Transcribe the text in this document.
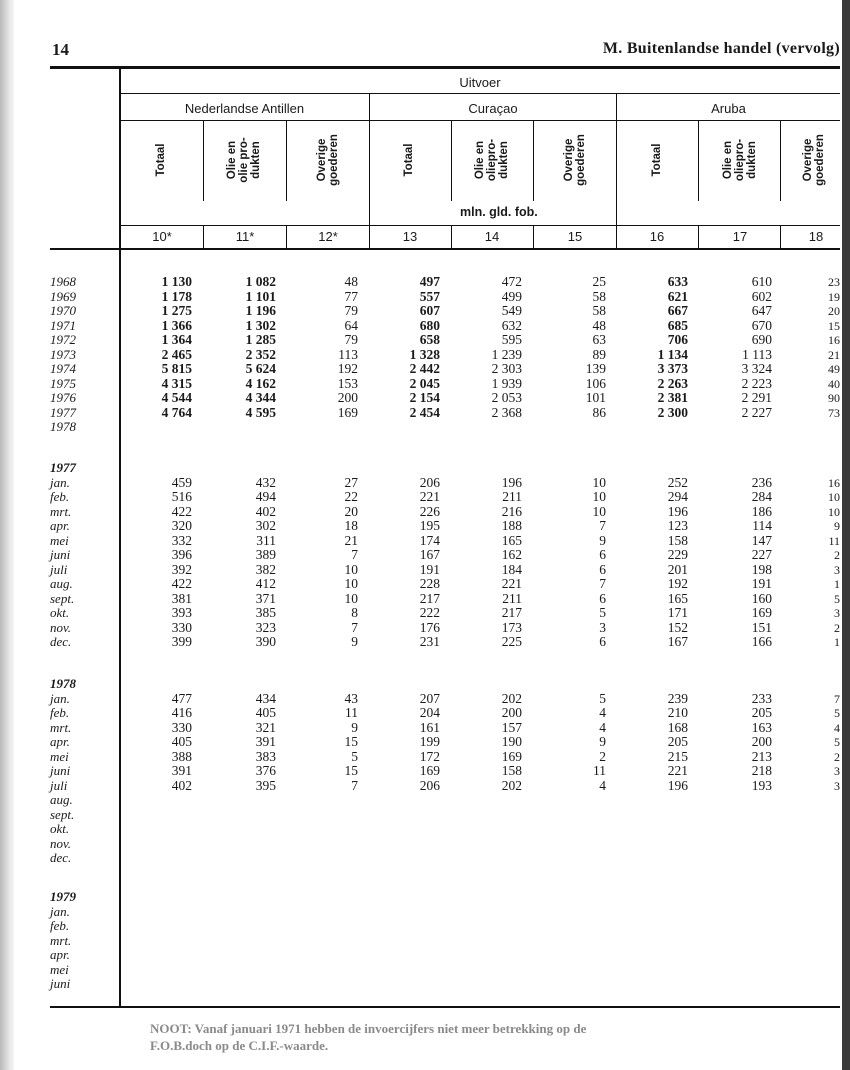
14	M. Buitenlandse handel (vervolg)
Uitvoer
Nederlandse Antillen	Curaçao	Aruba
Totaal	Olie en
olie pro-
dukten	Overige
goederen	Totaal	Olie en
oliepro-
dukten	Overige
goederen	Totaal	Olie en
oliepro-
dukten	Overige
goederen
mln. gld. fob.
10*	11*	12*	13	14	15	16	17	18
1968	1 130	1 082	48	497	472	25	633	610	23
1969	1 178	1 101	77	557	499	58	621	602	19
1970	1 275	1 196	79	607	549	58	667	647	20
1971	1 366	1 302	64	680	632	48	685	670	15
1972	1 364	1 285	79	658	595	63	706	690	16
1973	2 465	2 352	113	1 328	1 239	89	1 134	1 113	21
1974	5 815	5 624	192	2 442	2 303	139	3 373	3 324	49
1975	4 315	4 162	153	2 045	1 939	106	2 263	2 223	40
1976	4 544	4 344	200	2 154	2 053	101	2 381	2 291	90
1977	4 764	4 595	169	2 454	2 368	86	2 300	2 227	73
1978
1977
jan.	459	432	27	206	196	10	252	236	16
feb.	516	494	22	221	211	10	294	284	10
mrt.	422	402	20	226	216	10	196	186	10
apr.	320	302	18	195	188	7	123	114	9
mei	332	311	21	174	165	9	158	147	11
juni	396	389	7	167	162	6	229	227	2
juli	392	382	10	191	184	6	201	198	3
aug.	422	412	10	228	221	7	192	191	1
sept.	381	371	10	217	211	6	165	160	5
okt.	393	385	8	222	217	5	171	169	3
nov.	330	323	7	176	173	3	152	151	2
dec.	399	390	9	231	225	6	167	166	1
1978
jan.	477	434	43	207	202	5	239	233	7
feb.	416	405	11	204	200	4	210	205	5
mrt.	330	321	9	161	157	4	168	163	4
apr.	405	391	15	199	190	9	205	200	5
mei	388	383	5	172	169	2	215	213	2
juni	391	376	15	169	158	11	221	218	3
juli	402	395	7	206	202	4	196	193	3
aug.
sept.
okt.
nov.
dec.
1979
jan.
feb.
mrt.
apr.
mei
juni
NOOT: Vanaf januari 1971 hebben de invoercijfers niet meer betrekking op de
F.O.B.doch op de C.I.F.-waarde.
